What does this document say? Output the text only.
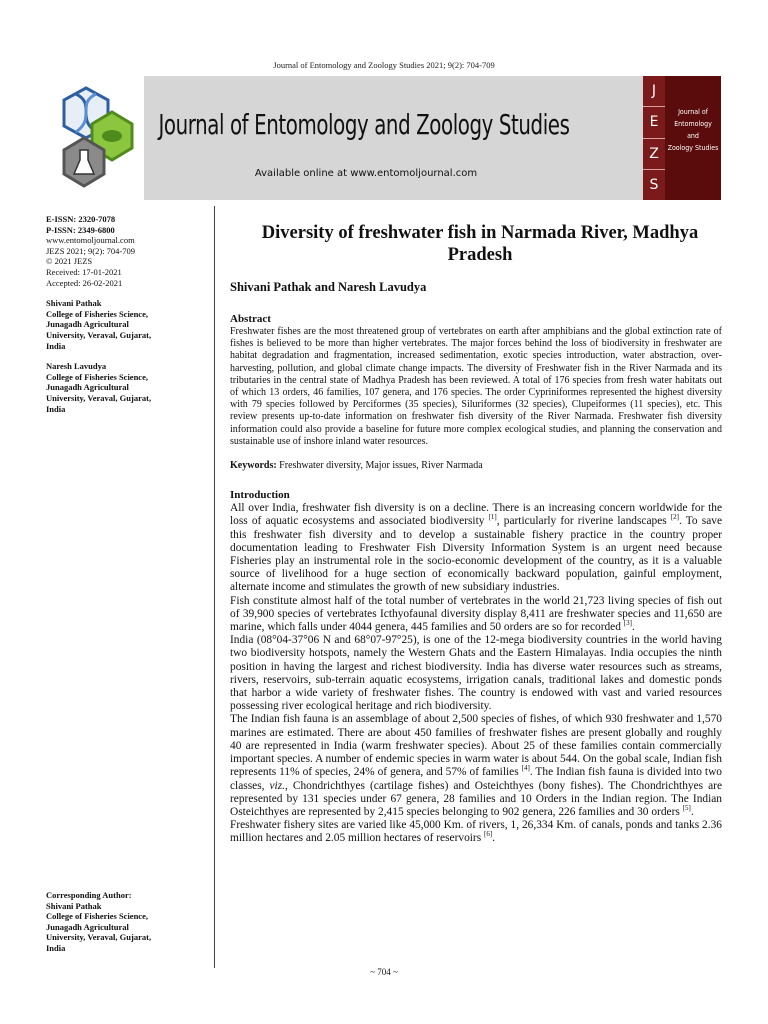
Journal of Entomology and Zoology Studies 2021; 9(2): 704-709
Journal of Entomology and Zoology Studies
Available online at www.entomoljournal.com
J
E
Z
S
Journal of
Entomology
and
Zoology Studies
E-ISSN: 2320-7078
P-ISSN: 2349-6800
www.entomoljournal.com
JEZS 2021; 9(2): 704-709
© 2021 JEZS
Received: 17-01-2021
Accepted: 26-02-2021
Shivani Pathak
College of Fisheries Science,
Junagadh Agricultural
University, Veraval, Gujarat,
India
Naresh Lavudya
College of Fisheries Science,
Junagadh Agricultural
University, Veraval, Gujarat,
India
Corresponding Author:
Shivani Pathak
College of Fisheries Science,
Junagadh Agricultural
University, Veraval, Gujarat,
India
Diversity of freshwater fish in Narmada River, Madhya Pradesh
Shivani Pathak and Naresh Lavudya
Abstract
Freshwater fishes are the most threatened group of vertebrates on earth after amphibians and the global extinction rate of fishes is believed to be more than higher vertebrates. The major forces behind the loss of biodiversity in freshwater are habitat degradation and fragmentation, increased sedimentation, exotic species introduction, water abstraction, over-harvesting, pollution, and global climate change impacts. The diversity of Freshwater fish in the River Narmada and its tributaries in the central state of Madhya Pradesh has been reviewed. A total of 176 species from fresh water habitats out of which 13 orders, 46 families, 107 genera, and 176 species. The order Cypriniformes represented the highest diversity with 79 species followed by Perciformes (35 species), Siluriformes (32 species), Clupeiformes (11 species), etc. This review presents up-to-date information on freshwater fish diversity of the River Narmada. Freshwater fish diversity information could also provide a baseline for future more complex ecological studies, and planning the conservation and sustainable use of inshore inland water resources.
Keywords: Freshwater diversity, Major issues, River Narmada
Introduction

All over India, freshwater fish diversity is on a decline. There is an increasing concern worldwide for the loss of aquatic ecosystems and associated biodiversity [1], particularly for riverine landscapes [2]. To save this freshwater fish diversity and to develop a sustainable fishery practice in the country proper documentation leading to Freshwater Fish Diversity Information System is an urgent need because Fisheries play an instrumental role in the socio-economic development of the country, as it is a valuable source of livelihood for a huge section of economically backward population, gainful employment, alternate income and stimulates the growth of new subsidiary industries.

Fish constitute almost half of the total number of vertebrates in the world 21,723 living species of fish out of 39,900 species of vertebrates Icthyofaunal diversity display 8,411 are freshwater species and 11,650 are marine, which falls under 4044 genera, 445 families and 50 orders are so for recorded [3].

India (08°04-37°06 N and 68°07-97°25), is one of the 12-mega biodiversity countries in the world having two biodiversity hotspots, namely the Western Ghats and the Eastern Himalayas. India occupies the ninth position in having the largest and richest biodiversity. India has diverse water resources such as streams, rivers, reservoirs, sub-terrain aquatic ecosystems, irrigation canals, traditional lakes and domestic ponds that harbor a wide variety of freshwater fishes. The country is endowed with vast and varied resources possessing river ecological heritage and rich biodiversity.

The Indian fish fauna is an assemblage of about 2,500 species of fishes, of which 930 freshwater and 1,570 marines are estimated. There are about 450 families of freshwater fishes are present globally and roughly 40 are represented in India (warm freshwater species). About 25 of these families contain commercially important species. A number of endemic species in warm water is about 544. On the gobal scale, Indian fish represents 11% of species, 24% of genera, and 57% of families [4]. The Indian fish fauna is divided into two classes, viz., Chondrichthyes (cartilage fishes) and Osteichthyes (bony fishes). The Chondrichthyes are represented by 131 species under 67 genera, 28 families and 10 Orders in the Indian region. The Indian Osteichthyes are represented by 2,415 species belonging to 902 genera, 226 families and 30 orders [5].

Freshwater fishery sites are varied like 45,000 Km. of rivers, 1, 26,334 Km. of canals, ponds and tanks 2.36 million hectares and 2.05 million hectares of reservoirs [6].

~ 704 ~
